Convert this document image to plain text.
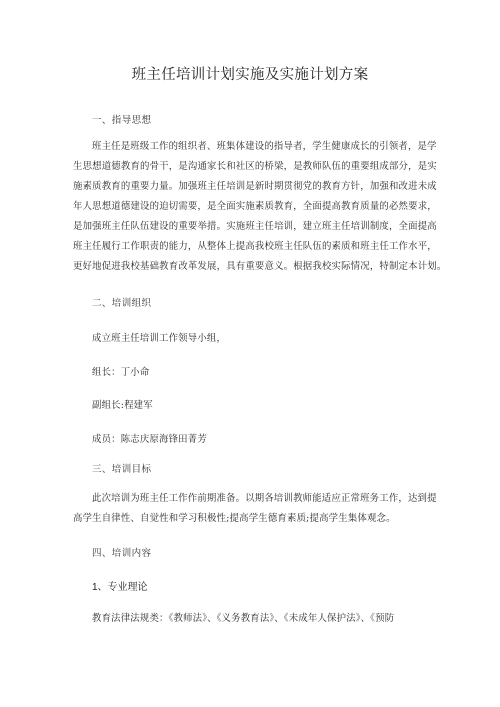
班主任培训计划实施及实施计划方案
一、指导思想

班主任是班级工作的组织者、班集体建设的指导者，学生健康成长的引领者，是学

生思想道德教育的骨干，是沟通家长和社区的桥梁，是教师队伍的重要组成部分，是实

施素质教育的重要力量。加强班主任培训是新时期贯彻党的教育方针，加强和改进未成

年人思想道德建设的迫切需要，是全面实施素质教育，全面提高教育质量的必然要求，

是加强班主任队伍建设的重要举措。实施班主任培训，建立班主任培训制度，全面提高

班主任履行工作职责的能力，从整体上提高我校班主任队伍的素质和班主任工作水平，

更好地促进我校基础教育改革发展，具有重要意义。根据我校实际情况，特制定本计划。

二、培训组织

成立班主任培训工作领导小组，

组长：丁小命

副组长:程建军

成员：陈志庆原海锋田菁芳

三、培训目标

此次培训为班主任工作作前期准备。以期各培训教师能适应正常班务工作，达到提

高学生自律性、自觉性和学习积极性;提高学生德育素质;提高学生集体观念。

四、培训内容

1、专业理论

教育法律法规类：《教师法》、《义务教育法》、《未成年人保护法》、《预防
